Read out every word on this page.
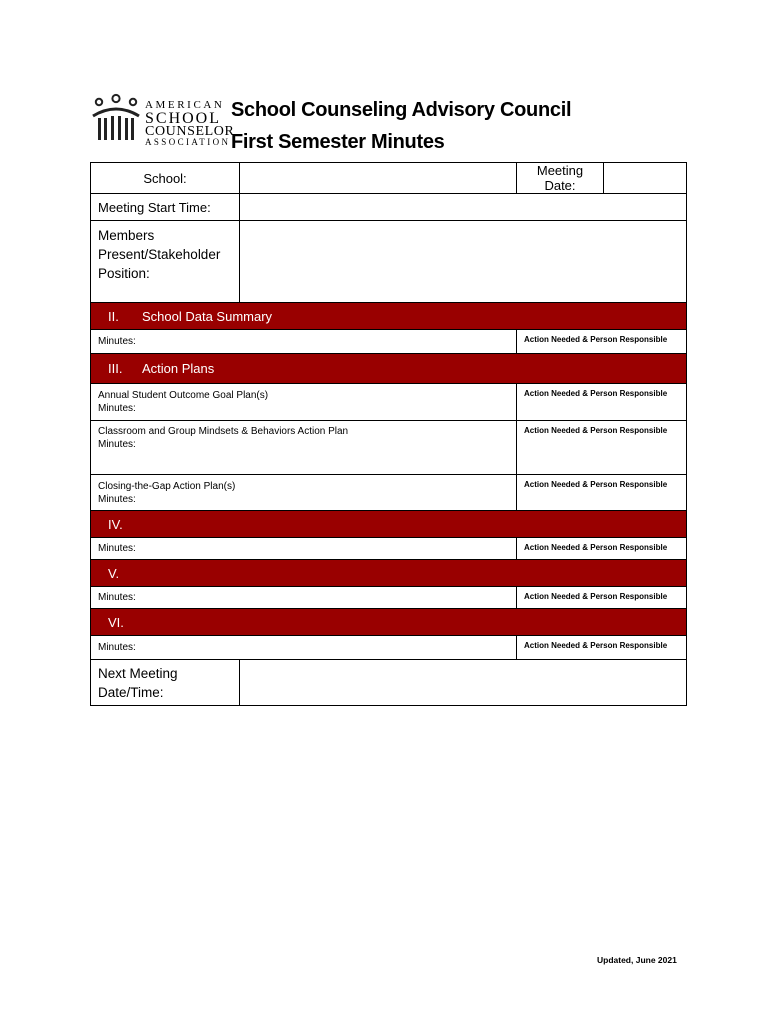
AMERICAN
SCHOOL
COUNSELOR
ASSOCIATION
School Counseling Advisory Council
First Semester Minutes
School:		Meeting Date:	
Meeting Start Time:			
Members Present/Stakeholder Position:			
II. School Data Summary			
Minutes:		Action Needed & Person Responsible	
III. Action Plans			

Annual Student Outcome Goal Plan(s)
Minutes:		Action Needed & Person Responsible	

Classroom and Group Mindsets & Behaviors Action Plan
Minutes:		Action Needed & Person Responsible	

Closing-the-Gap Action Plan(s)
Minutes:		Action Needed & Person Responsible	
IV.			
Minutes:		Action Needed & Person Responsible	
V.			
Minutes:		Action Needed & Person Responsible	
VI.			
Minutes:		Action Needed & Person Responsible	
Next Meeting Date/Time:			
Updated, June 2021
